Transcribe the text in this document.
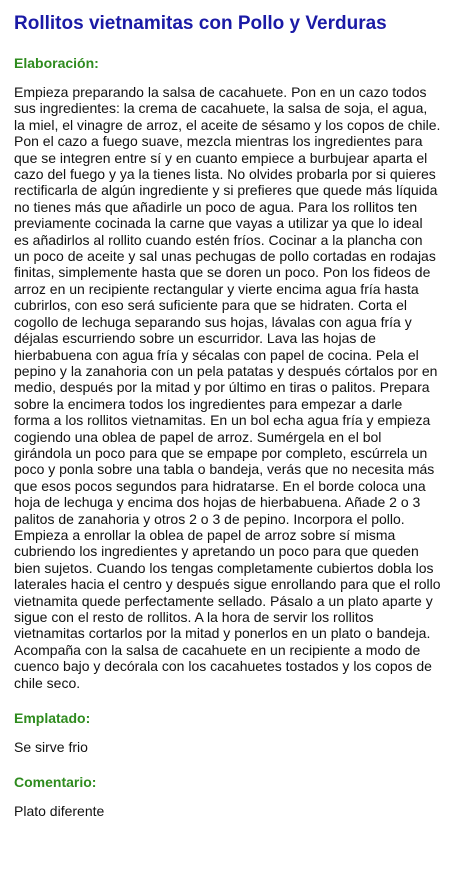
Rollitos vietnamitas con Pollo y Verduras
Elaboración:
Empieza preparando la salsa de cacahuete. Pon en un cazo todos sus ingredientes: la crema de cacahuete, la salsa de soja, el agua, la miel, el vinagre de arroz, el aceite de sésamo y los copos de chile. Pon el cazo a fuego suave, mezcla mientras los ingredientes para que se integren entre sí y en cuanto empiece a burbujear aparta el cazo del fuego y ya la tienes lista. No olvides probarla por si quieres rectificarla de algún ingrediente y si prefieres que quede más líquida no tienes más que añadirle un poco de agua. Para los rollitos ten previamente cocinada la carne que vayas a utilizar ya que lo ideal es añadirlos al rollito cuando estén fríos. Cocinar a la plancha con un poco de aceite y sal unas pechugas de pollo cortadas en rodajas finitas, simplemente hasta que se doren un poco. Pon los fideos de arroz en un recipiente rectangular y vierte encima agua fría hasta cubrirlos, con eso será suficiente para que se hidraten. Corta el cogollo de lechuga separando sus hojas, lávalas con agua fría y déjalas escurriendo sobre un escurridor. Lava las hojas de hierbabuena con agua fría y sécalas con papel de cocina. Pela el pepino y la zanahoria con un pela patatas y después córtalos por en medio, después por la mitad y por último en tiras o palitos. Prepara sobre la encimera todos los ingredientes para empezar a darle forma a los rollitos vietnamitas. En un bol echa agua fría y empieza cogiendo una oblea de papel de arroz. Sumérgela en el bol girándola un poco para que se empape por completo, escúrrela un poco y ponla sobre una tabla o bandeja, verás que no necesita más que esos pocos segundos para hidratarse. En el borde coloca una hoja de lechuga y encima dos hojas de hierbabuena. Añade 2 o 3 palitos de zanahoria y otros 2 o 3 de pepino. Incorpora el pollo. Empieza a enrollar la oblea de papel de arroz sobre sí misma cubriendo los ingredientes y apretando un poco para que queden bien sujetos. Cuando los tengas completamente cubiertos dobla los laterales hacia el centro y después sigue enrollando para que el rollo vietnamita quede perfectamente sellado. Pásalo a un plato aparte y sigue con el resto de rollitos. A la hora de servir los rollitos vietnamitas cortarlos por la mitad y ponerlos en un plato o bandeja. Acompaña con la salsa de cacahuete en un recipiente a modo de cuenco bajo y decórala con los cacahuetes tostados y los copos de chile seco.
Emplatado:
Se sirve frio
Comentario:
Plato diferente
